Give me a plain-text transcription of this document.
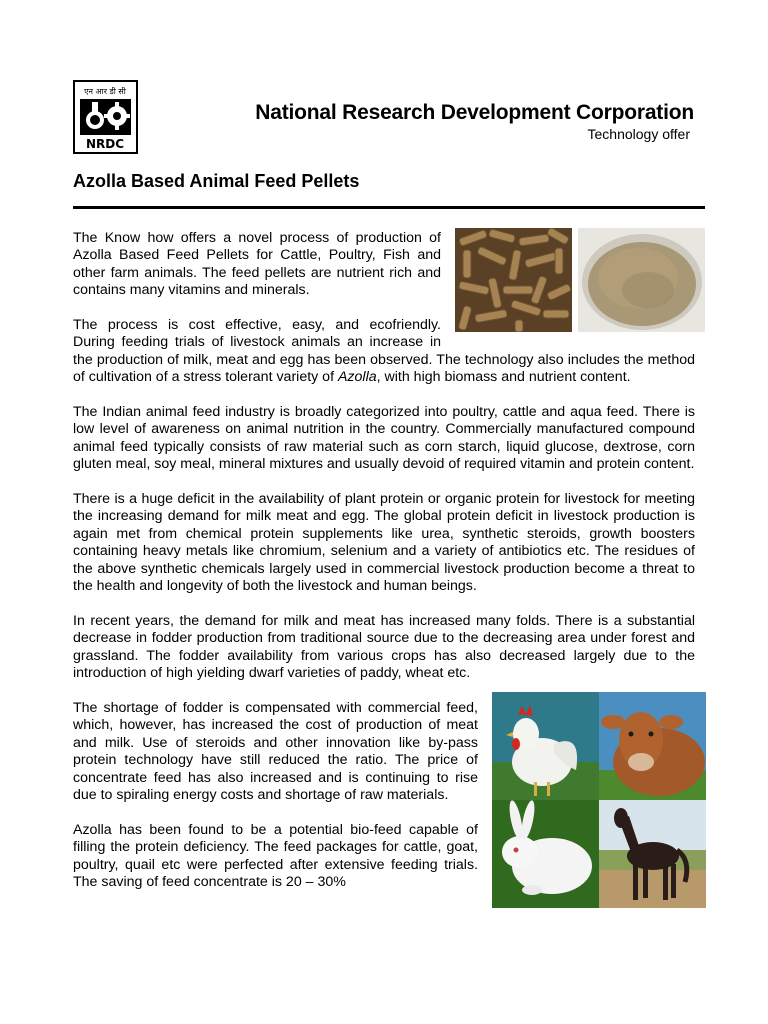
एन आर डी सी
NRDC
National Research Development Corporation
Technology offer
Azolla Based Animal Feed Pellets

The Know how offers a novel process of production of Azolla Based Feed Pellets for Cattle, Poultry, Fish and other farm animals. The feed pellets are nutrient rich and contains many vitamins and minerals.

The process is cost effective, easy, and ecofriendly. During feeding trials of livestock animals an increase in the production of milk, meat and egg has been observed. The technology also includes the method of cultivation of a stress tolerant variety of Azolla, with high biomass and nutrient content.

The Indian animal feed industry is broadly categorized into poultry, cattle and aqua feed. There is low level of awareness on animal nutrition in the country. Commercially manufactured compound animal feed typically consists of raw material such as corn starch, liquid glucose, dextrose, corn gluten meal, soy meal, mineral mixtures and usually devoid of required vitamin and protein content.

There is a huge deficit in the availability of plant protein or organic protein for livestock for meeting the increasing demand for milk meat and egg. The global protein deficit in livestock production is again met from chemical protein supplements like urea, synthetic steroids, growth boosters containing heavy metals like chromium, selenium and a variety of antibiotics etc. The residues of the above synthetic chemicals largely used in commercial livestock production become a threat to the health and longevity of both the livestock and human beings.

In recent years, the demand for milk and meat has increased many folds. There is a substantial decrease in fodder production from traditional source due to the decreasing area under forest and grassland. The fodder availability from various crops has also decreased largely due to the introduction of high yielding dwarf varieties of paddy, wheat etc.

The shortage of fodder is compensated with commercial feed, which, however, has increased the cost of production of meat and milk. Use of steroids and other innovation like by-pass protein technology have still reduced the ratio. The price of concentrate feed has also increased and is continuing to rise due to spiraling energy costs and shortage of raw materials.

Azolla has been found to be a potential bio-feed capable of filling the protein deficiency. The feed packages for cattle, goat, poultry, quail etc were perfected after extensive feeding trials. The saving of feed concentrate is 20 – 30%
